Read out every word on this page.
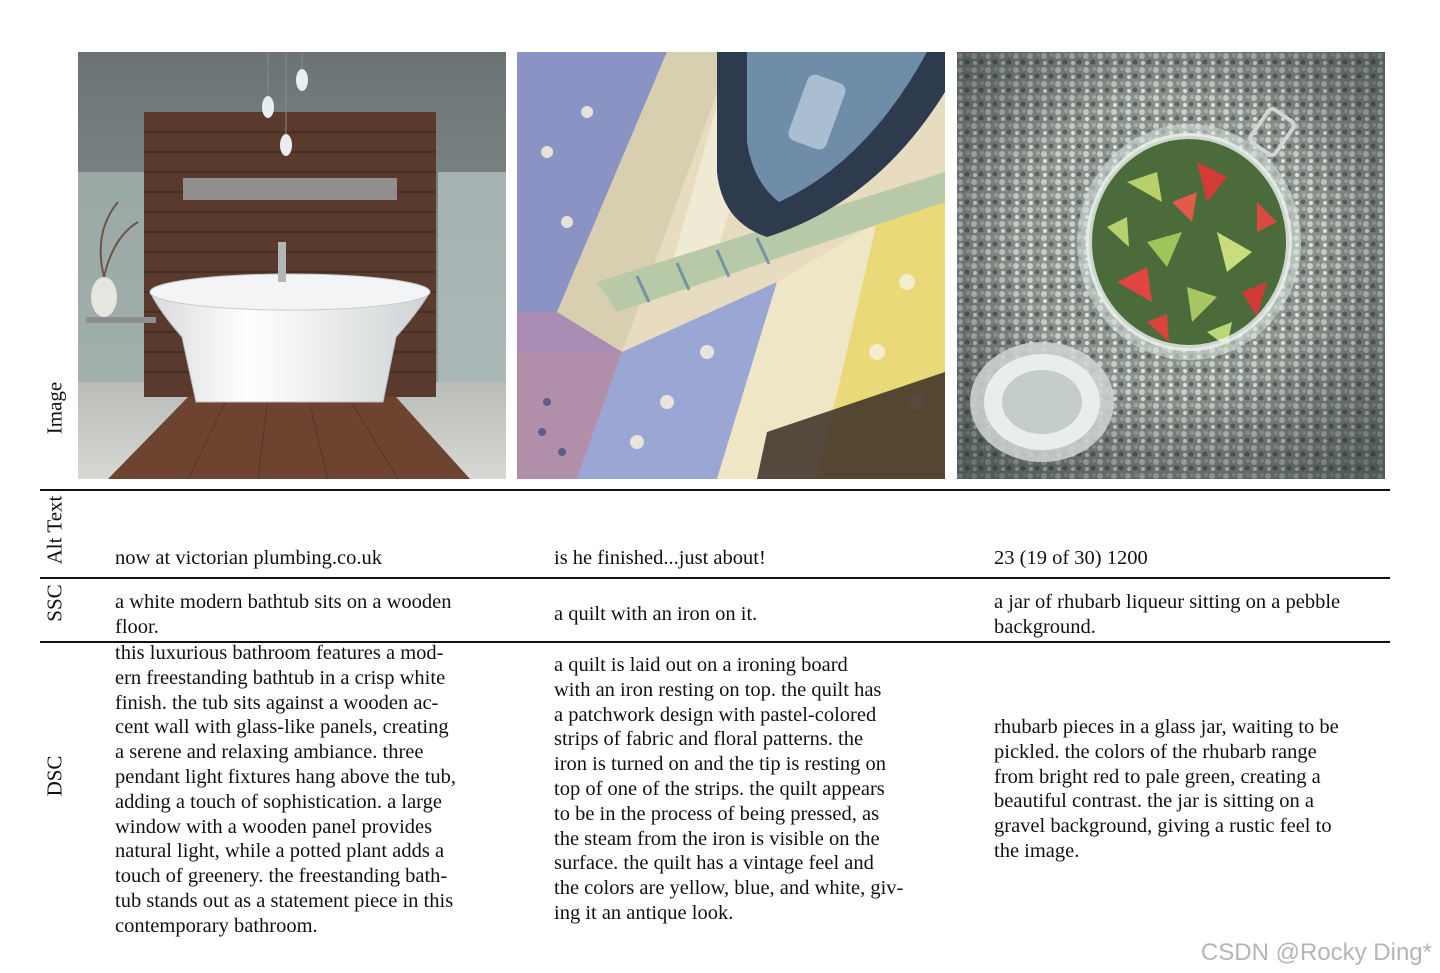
Image
Alt Text
SSC
DSC
now at victorian plumbing.co.uk	is he finished...just about!	23 (19 of 30) 1200
a white modern bathtub sits on a wooden
floor.
a quilt with an iron on it.
a jar of rhubarb liqueur sitting on a pebble
background.
this luxurious bathroom features a mod-
ern freestanding bathtub in a crisp white
finish. the tub sits against a wooden ac-
cent wall with glass-like panels, creating
a serene and relaxing ambiance. three
pendant light fixtures hang above the tub,
adding a touch of sophistication. a large
window with a wooden panel provides
natural light, while a potted plant adds a
touch of greenery. the freestanding bath-
tub stands out as a statement piece in this
contemporary bathroom.
a quilt is laid out on a ironing board
with an iron resting on top. the quilt has
a patchwork design with pastel-colored
strips of fabric and floral patterns. the
iron is turned on and the tip is resting on
top of one of the strips. the quilt appears
to be in the process of being pressed, as
the steam from the iron is visible on the
surface. the quilt has a vintage feel and
the colors are yellow, blue, and white, giv-
ing it an antique look.
rhubarb pieces in a glass jar, waiting to be
pickled. the colors of the rhubarb range
from bright red to pale green, creating a
beautiful contrast. the jar is sitting on a
gravel background, giving a rustic feel to
the image.
CSDN @Rocky Ding*
